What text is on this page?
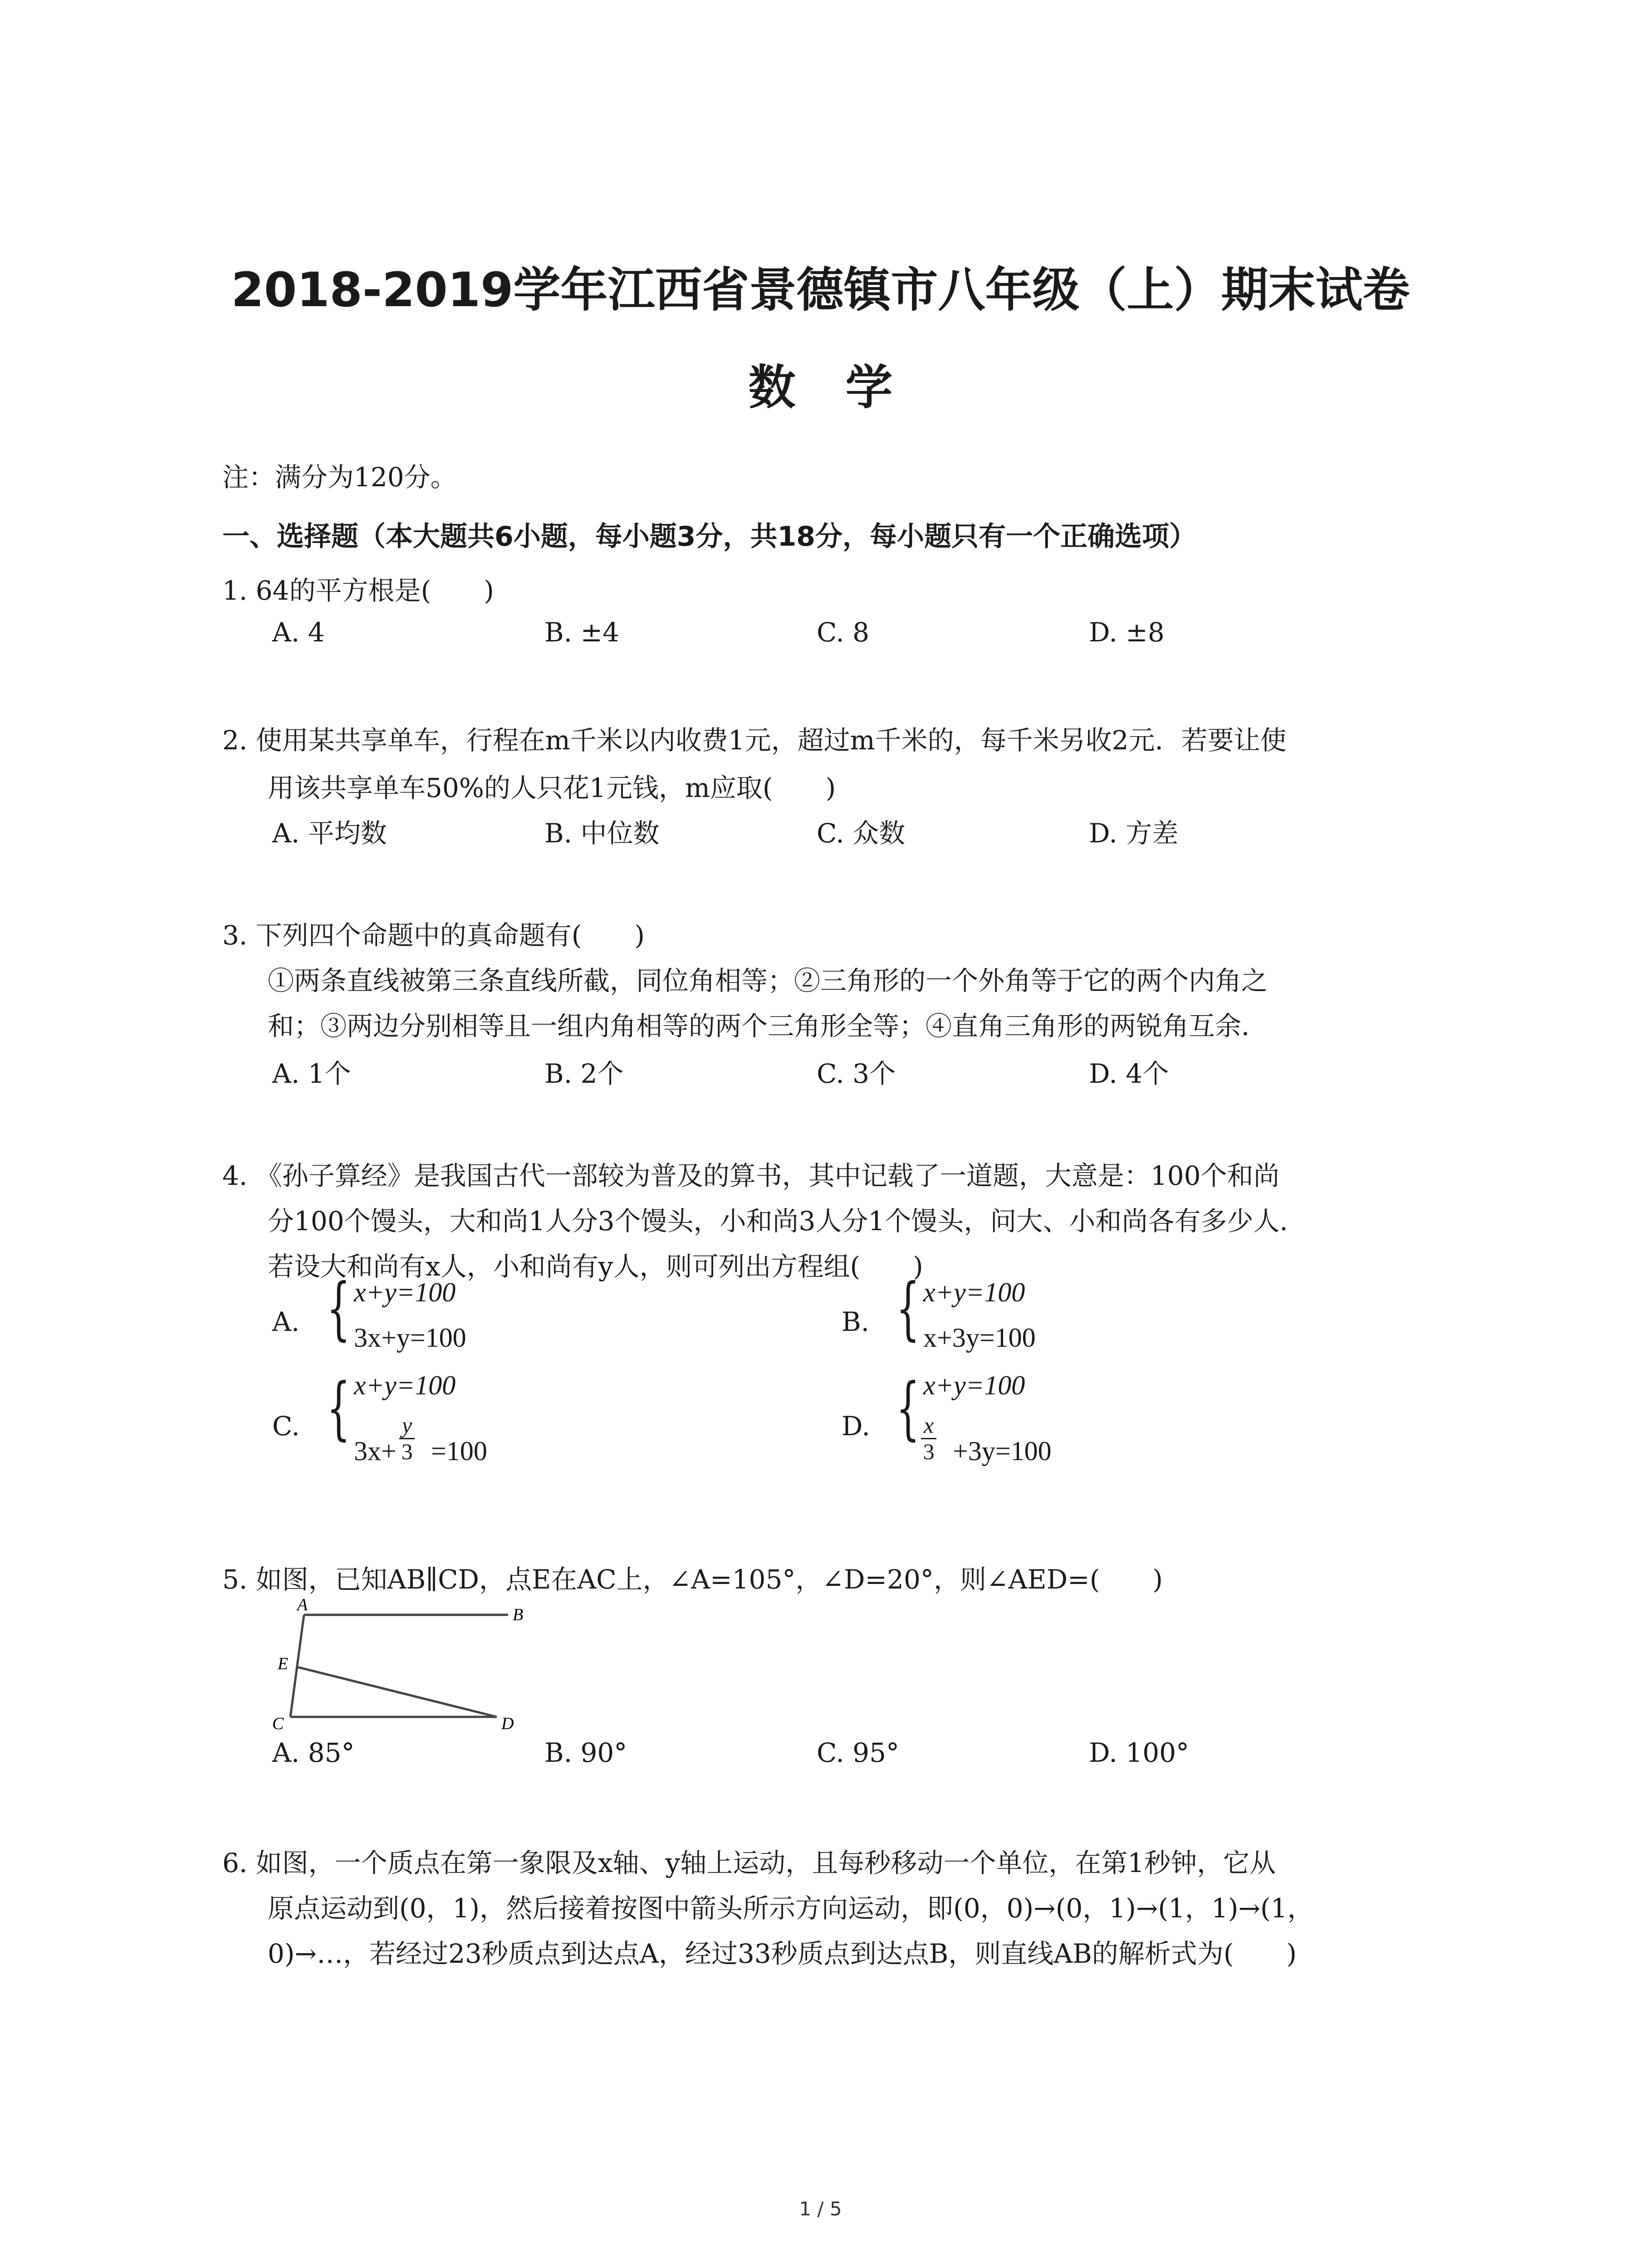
2018-2019学年江西省景德镇市八年级（上）期末试卷
数学
注：满分为120分。
一、选择题（本大题共6小题，每小题3分，共18分，每小题只有一个正确选项）
1. 64的平方根是(　　)
A. 4	B. ±4	C. 8	D. ±8
2. 使用某共享单车，行程在m千米以内收费1元，超过m千米的，每千米另收2元．若要让使
用该共享单车50%的人只花1元钱，m应取(　　)
A. 平均数	B. 中位数	C. 众数	D. 方差
3. 下列四个命题中的真命题有(　　)
①两条直线被第三条直线所截，同位角相等；②三角形的一个外角等于它的两个内角之
和；③两边分别相等且一组内角相等的两个三角形全等；④直角三角形的两锐角互余．
A. 1个	B. 2个	C. 3个	D. 4个
4. 《孙子算经》是我国古代一部较为普及的算书，其中记载了一道题，大意是：100个和尚
分100个馒头，大和尚1人分3个馒头，小和尚3人分1个馒头，问大、小和尚各有多少人．
若设大和尚有x人，小和尚有y人，则可列出方程组(　　)
A. { x+y=100
3x+y=100
B. { x+y=100
x+3y=100
C. { x+y=100
$3x+ \frac{y}{3} =100$
D. { x+y=100
$\frac{x}{3} +3y=100$
5. 如图，已知AB∥CD，点E在AC上，∠A=105°，∠D=20°，则∠AED=(　　)
A
B
C	D
E
A. 85°	B. 90°	C. 95°	D. 100°
6. 如图，一个质点在第一象限及x轴、y轴上运动，且每秒移动一个单位，在第1秒钟，它从
原点运动到(0，1)，然后接着按图中箭头所示方向运动，即(0，0)→(0，1)→(1，1)→(1，
0)→…，若经过23秒质点到达点A，经过33秒质点到达点B，则直线AB的解析式为(　　)
1 / 5
